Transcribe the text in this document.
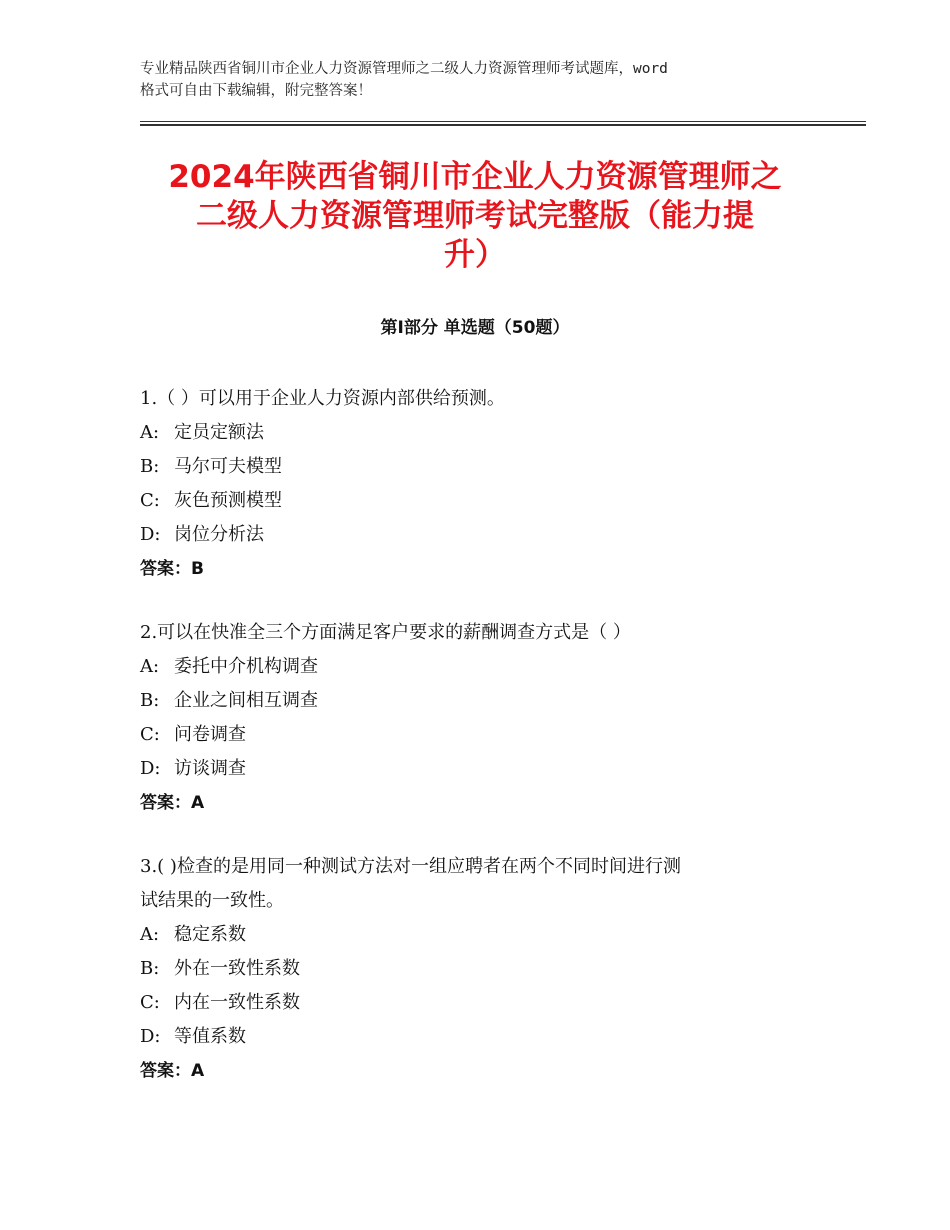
专业精品陕西省铜川市企业人力资源管理师之二级人力资源管理师考试题库，word
格式可自由下载编辑，附完整答案！
2024年陕西省铜川市企业人力资源管理师之
二级人力资源管理师考试完整版（能力提
升）
第Ⅰ部分 单选题（50题）
1.（ ）可以用于企业人力资源内部供给预测。
A: 定员定额法
B: 马尔可夫模型
C: 灰色预测模型
D: 岗位分析法
答案：B
2.可以在快准全三个方面满足客户要求的薪酬调查方式是（ ）
A: 委托中介机构调查
B: 企业之间相互调查
C: 问卷调查
D: 访谈调查
答案：A
3.( )检查的是用同一种测试方法对一组应聘者在两个不同时间进行测
试结果的一致性。
A: 稳定系数
B: 外在一致性系数
C: 内在一致性系数
D: 等值系数
答案：A
